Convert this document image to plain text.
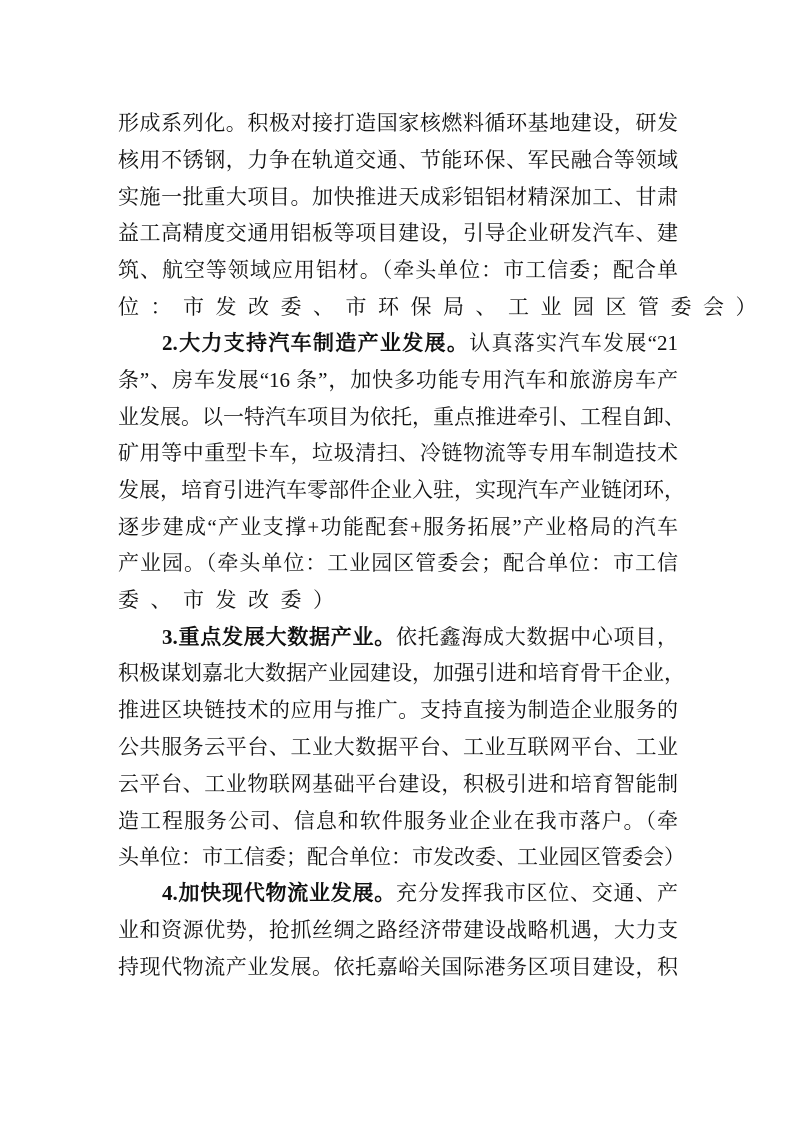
形成系列化。积极对接打造国家核燃料循环基地建设，研发
核用不锈钢，力争在轨道交通、节能环保、军民融合等领域
实施一批重大项目。加快推进天成彩铝铝材精深加工、甘肃
益工高精度交通用铝板等项目建设，引导企业研发汽车、建
筑、航空等领域应用铝材。（牵头单位：市工信委；配合单
位：市发改委、市环保局、工业园区管委会）
2.大力支持汽车制造产业发展。认真落实汽车发展“21
条”、房车发展“16 条”，加快多功能专用汽车和旅游房车产
业发展。以一特汽车项目为依托，重点推进牵引、工程自卸、
矿用等中重型卡车，垃圾清扫、冷链物流等专用车制造技术
发展，培育引进汽车零部件企业入驻，实现汽车产业链闭环，
逐步建成“产业支撑+功能配套+服务拓展”产业格局的汽车
产业园。（牵头单位：工业园区管委会；配合单位：市工信
委、市发改委）
3.重点发展大数据产业。依托鑫海成大数据中心项目，
积极谋划嘉北大数据产业园建设，加强引进和培育骨干企业，
推进区块链技术的应用与推广。支持直接为制造企业服务的
公共服务云平台、工业大数据平台、工业互联网平台、工业
云平台、工业物联网基础平台建设，积极引进和培育智能制
造工程服务公司、信息和软件服务业企业在我市落户。（牵
头单位：市工信委；配合单位：市发改委、工业园区管委会）
4.加快现代物流业发展。充分发挥我市区位、交通、产
业和资源优势，抢抓丝绸之路经济带建设战略机遇，大力支
持现代物流产业发展。依托嘉峪关国际港务区项目建设，积
